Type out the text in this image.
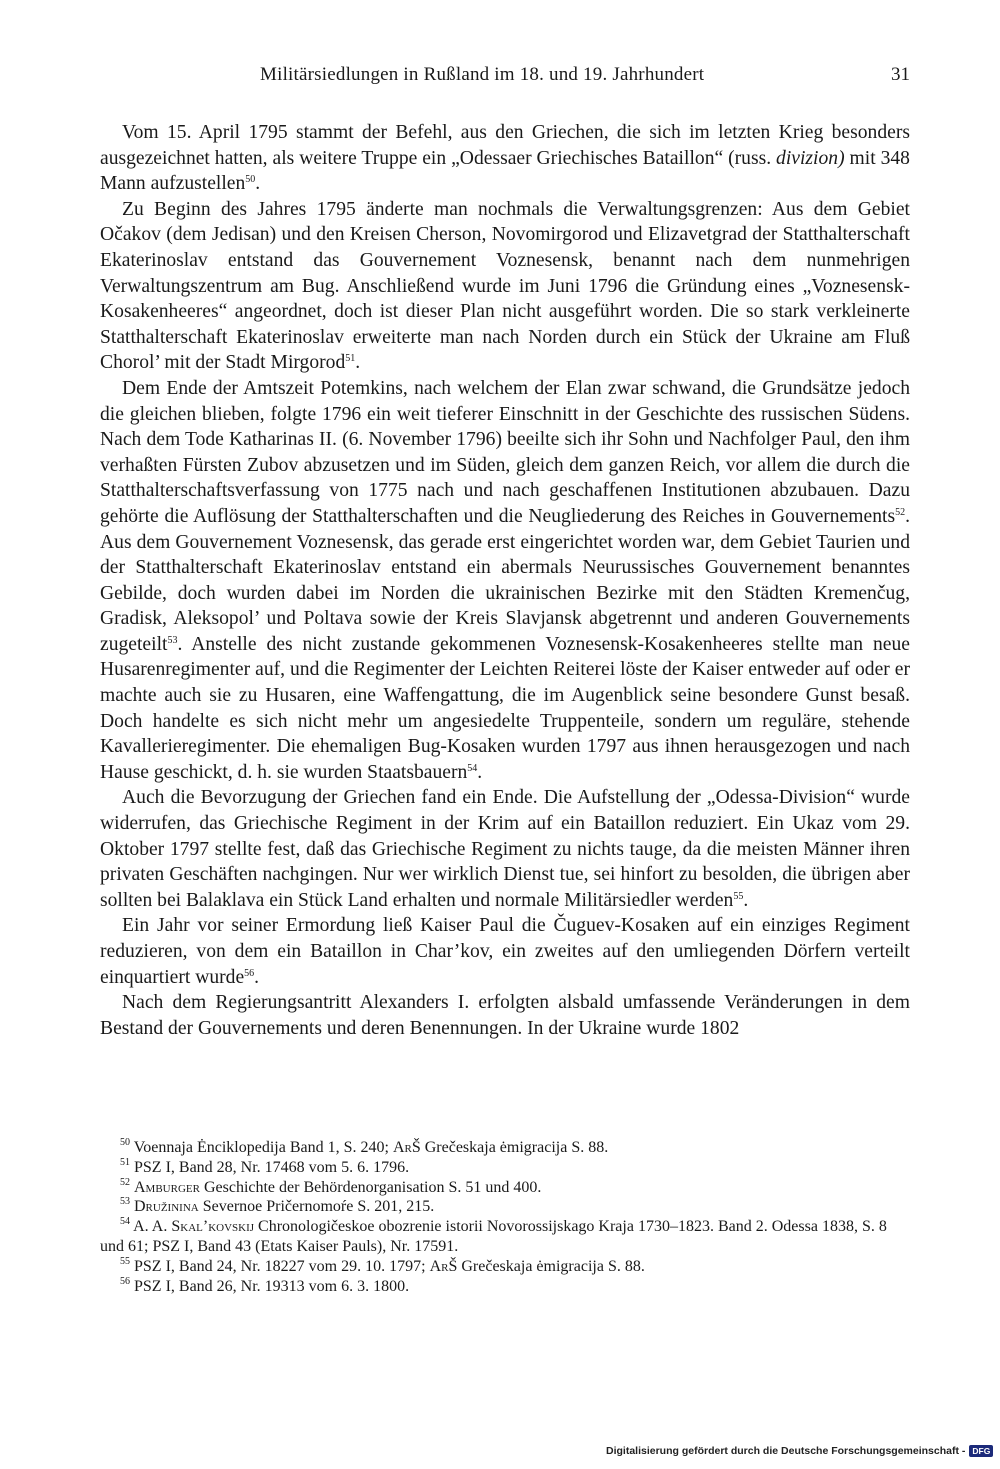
Militärsiedlungen in Rußland im 18. und 19. Jahrhundert	31

Vom 15. April 1795 stammt der Befehl, aus den Griechen, die sich im letzten Krieg besonders ausgezeichnet hatten, als weitere Truppe ein „Odessaer Griechisches Bataillon“ (russ. divizion) mit 348 Mann aufzustellen$^{50}$.

Zu Beginn des Jahres 1795 änderte man nochmals die Verwaltungsgrenzen: Aus dem Gebiet Očakov (dem Jedisan) und den Kreisen Cherson, Novomirgorod und Elizavetgrad der Statthalterschaft Ekaterinoslav entstand das Gouvernement Voznesensk, benannt nach dem nunmehrigen Verwaltungszentrum am Bug. Anschließend wurde im Juni 1796 die Gründung eines „Voznesensk-Kosakenheeres“ angeordnet, doch ist dieser Plan nicht ausgeführt worden. Die so stark verkleinerte Statthalterschaft Ekaterinoslav erweiterte man nach Norden durch ein Stück der Ukraine am Fluß Chorol’ mit der Stadt Mirgorod$^{51}$.

Dem Ende der Amtszeit Potemkins, nach welchem der Elan zwar schwand, die Grundsätze jedoch die gleichen blieben, folgte 1796 ein weit tieferer Einschnitt in der Geschichte des russischen Südens. Nach dem Tode Katharinas II. (6. November 1796) beeilte sich ihr Sohn und Nachfolger Paul, den ihm verhaßten Fürsten Zubov abzusetzen und im Süden, gleich dem ganzen Reich, vor allem die durch die Statthalterschaftsverfassung von 1775 nach und nach geschaffenen Institutionen abzubauen. Dazu gehörte die Auflösung der Statthalterschaften und die Neugliederung des Reiches in Gouvernements$^{52}$. Aus dem Gouvernement Voznesensk, das gerade erst eingerichtet worden war, dem Gebiet Taurien und der Statthalterschaft Ekaterinoslav entstand ein abermals Neurussisches Gouvernement benanntes Gebilde, doch wurden dabei im Norden die ukrainischen Bezirke mit den Städten Kremenčug, Gradisk, Aleksopol’ und Poltava sowie der Kreis Slavjansk abgetrennt und anderen Gouvernements zugeteilt$^{53}$. Anstelle des nicht zustande gekommenen Voznesensk-Kosakenheeres stellte man neue Husarenregimenter auf, und die Regimenter der Leichten Reiterei löste der Kaiser entweder auf oder er machte auch sie zu Husaren, eine Waffengattung, die im Augenblick seine besondere Gunst besaß. Doch handelte es sich nicht mehr um angesiedelte Truppenteile, sondern um reguläre, stehende Kavallerieregimenter. Die ehemaligen Bug-Kosaken wurden 1797 aus ihnen herausgezogen und nach Hause geschickt, d. h. sie wurden Staatsbauern$^{54}$.

Auch die Bevorzugung der Griechen fand ein Ende. Die Aufstellung der „Odessa-Division“ wurde widerrufen, das Griechische Regiment in der Krim auf ein Bataillon reduziert. Ein Ukaz vom 29. Oktober 1797 stellte fest, daß das Griechische Regiment zu nichts tauge, da die meisten Männer ihren privaten Geschäften nachgingen. Nur wer wirklich Dienst tue, sei hinfort zu besolden, die übrigen aber sollten bei Balaklava ein Stück Land erhalten und normale Militärsiedler werden$^{55}$.

Ein Jahr vor seiner Ermordung ließ Kaiser Paul die Čuguev-Kosaken auf ein einziges Regiment reduzieren, von dem ein Bataillon in Char’kov, ein zweites auf den umliegenden Dörfern verteilt einquartiert wurde$^{56}$.

Nach dem Regierungsantritt Alexanders I. erfolgten alsbald umfassende Veränderungen in dem Bestand der Gouvernements und deren Benennungen. In der Ukraine wurde 1802

$^{50}$ Voennaja Ėnciklopedija Band 1, S. 240; ArŠ Grečeskaja ėmigracija S. 88.

$^{51}$ PSZ I, Band 28, Nr. 17468 vom 5. 6. 1796.

$^{52}$ Amburger Geschichte der Behördenorganisation S. 51 und 400.

$^{53}$ Družinina Severnoe Pričernomoŕe S. 201, 215.

$^{54}$ A. A. Skal’kovskij Chronologičeskoe obozrenie istorii Novorossijskago Kraja 1730–1823. Band 2. Odessa 1838, S. 8 und 61; PSZ I, Band 43 (Etats Kaiser Pauls), Nr. 17591.

$^{55}$ PSZ I, Band 24, Nr. 18227 vom 29. 10. 1797; ArŠ Grečeskaja ėmigracija S. 88.

$^{56}$ PSZ I, Band 26, Nr. 19313 vom 6. 3. 1800.

Digitalisierung gefördert durch die Deutsche Forschungsgemeinschaft - DFG
